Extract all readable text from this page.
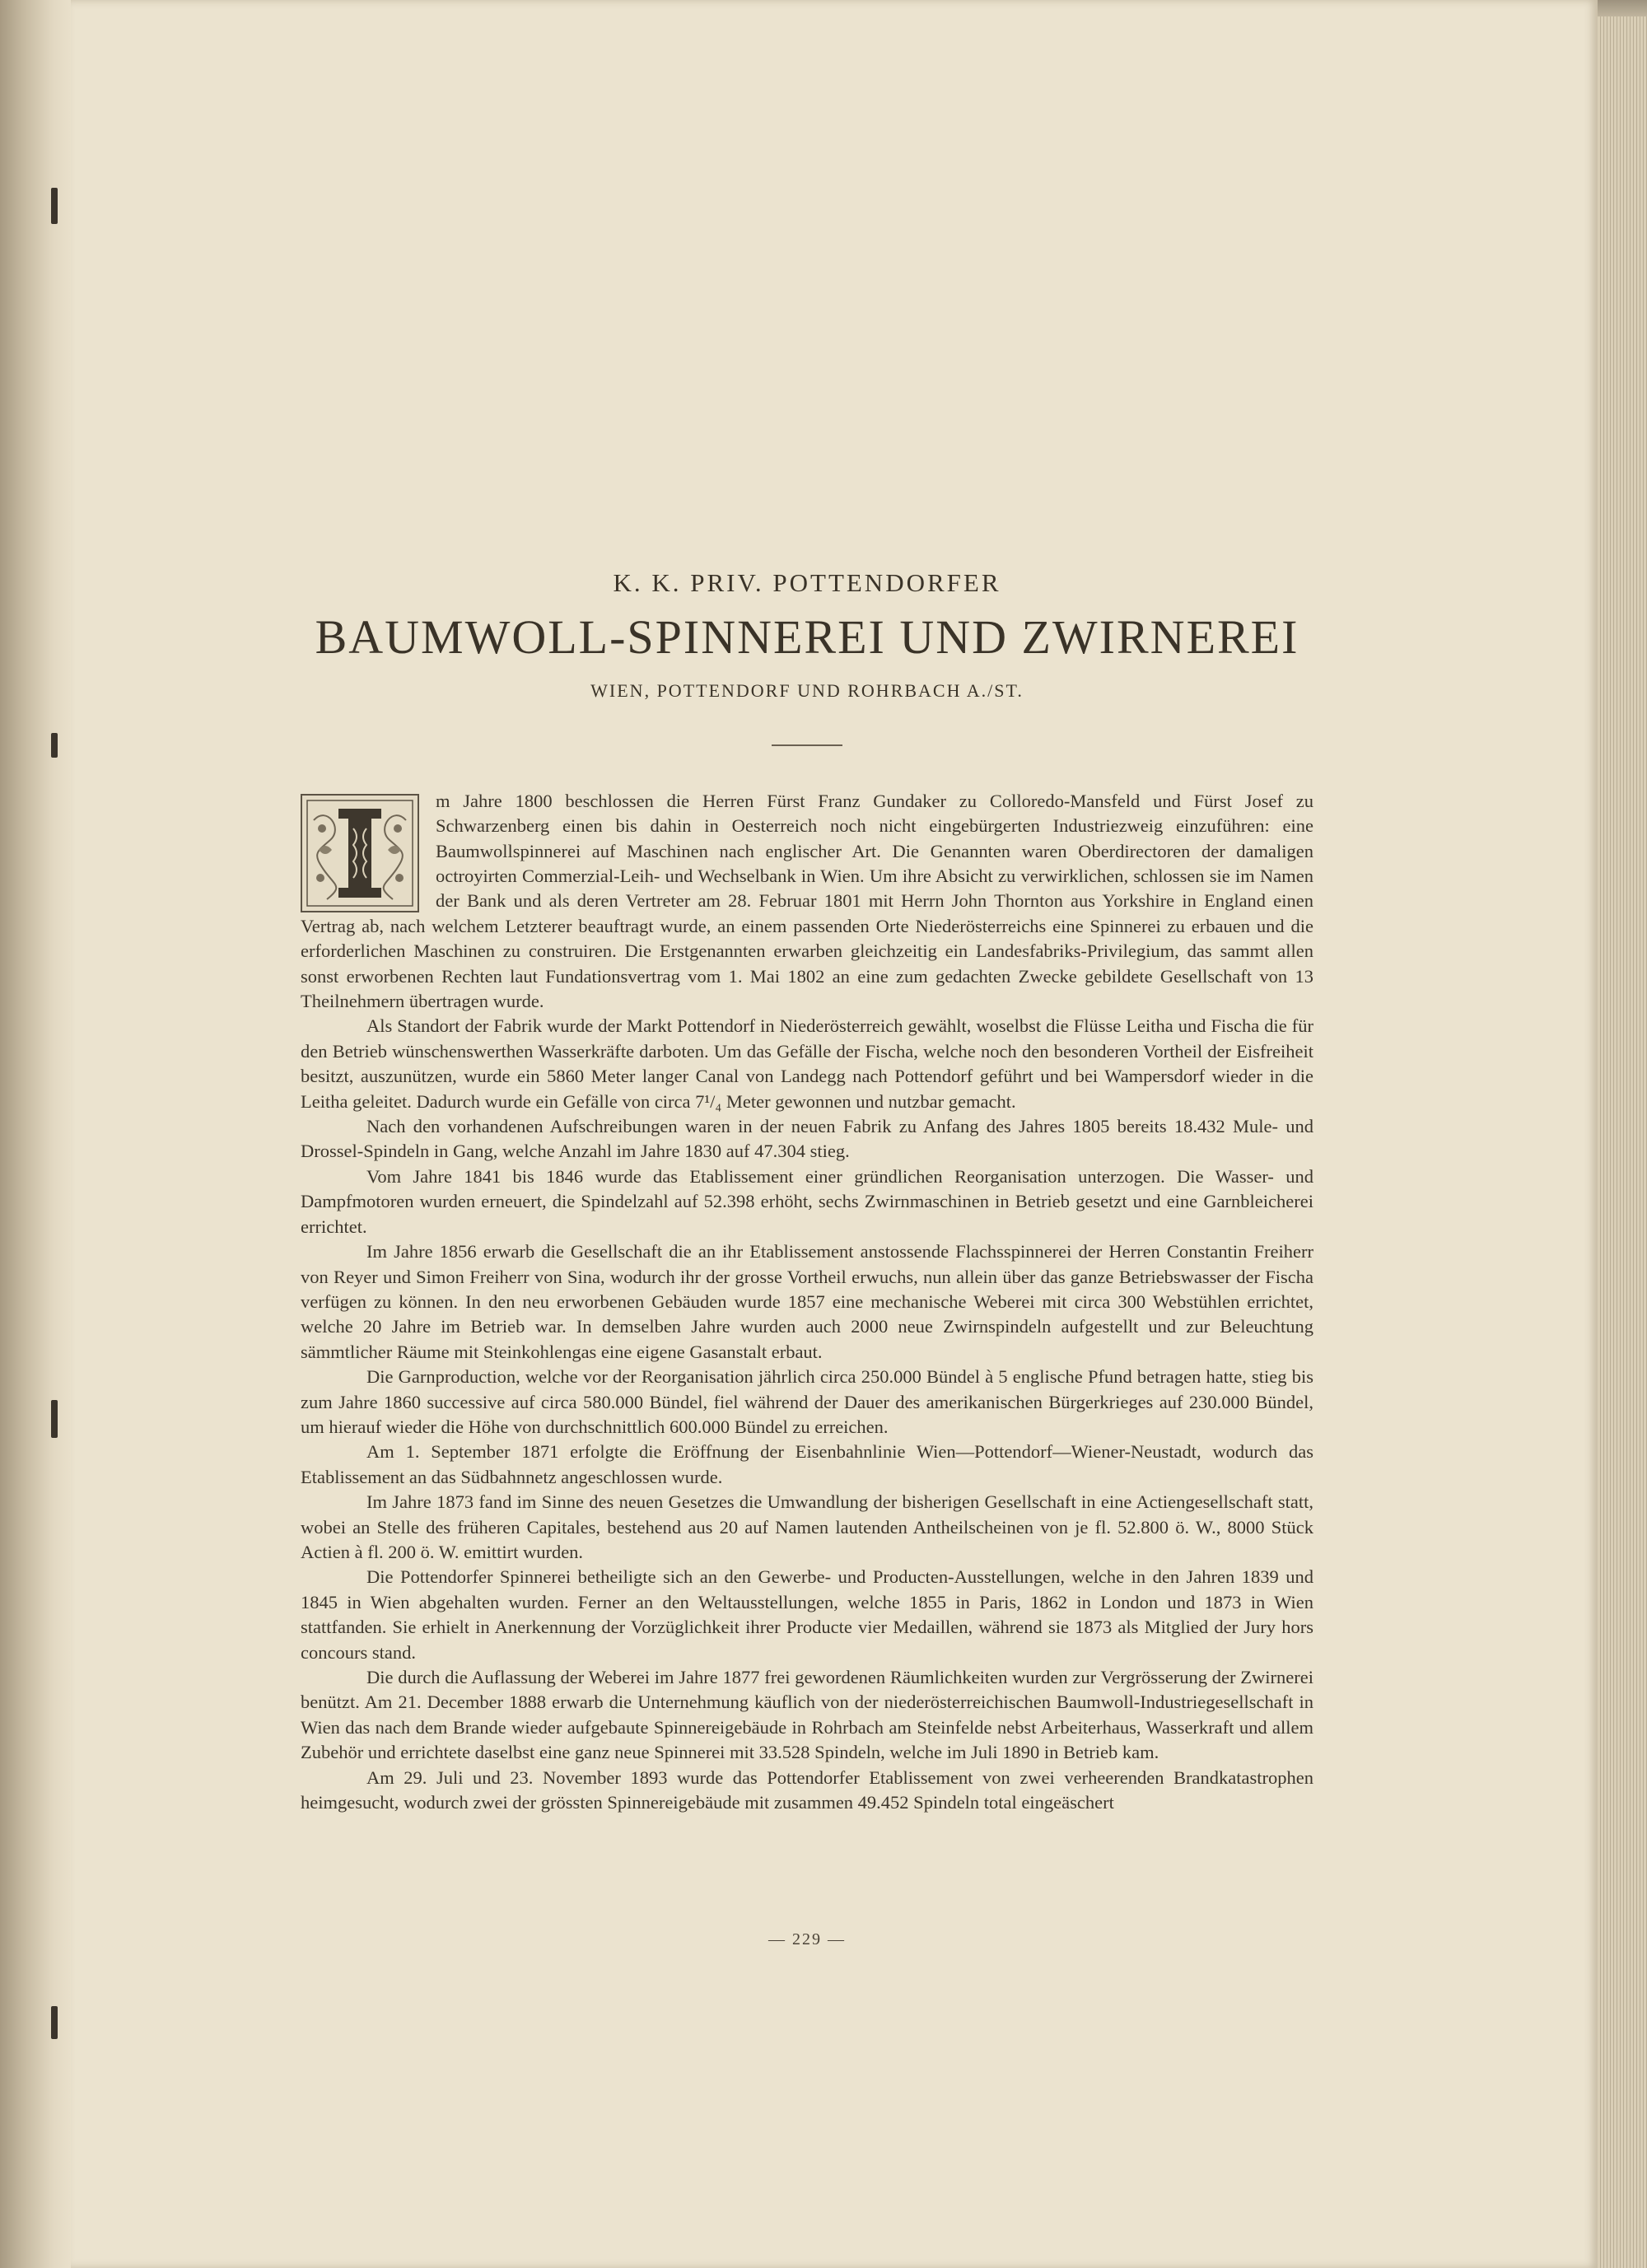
K. K. PRIV. POTTENDORFER

BAUMWOLL-SPINNEREI UND ZWIRNEREI

WIEN, POTTENDORF UND ROHRBACH A./ST.

m Jahre 1800 beschlossen die Herren Fürst Franz Gundaker zu Colloredo-Mansfeld und Fürst Josef zu Schwarzenberg einen bis dahin in Oesterreich noch nicht eingebürgerten Industriezweig einzuführen: eine Baumwollspinnerei auf Maschinen nach englischer Art. Die Genannten waren Oberdirectoren der damaligen octroyirten Commerzial-Leih- und Wechselbank in Wien. Um ihre Absicht zu verwirklichen, schlossen sie im Namen der Bank und als deren Vertreter am 28. Februar 1801 mit Herrn John Thornton aus Yorkshire in England einen Vertrag ab, nach welchem Letzterer beauftragt wurde, an einem passenden Orte Niederösterreichs eine Spinnerei zu erbauen und die erforderlichen Maschinen zu construiren. Die Erstgenannten erwarben gleichzeitig ein Landesfabriks-Privilegium, das sammt allen sonst erworbenen Rechten laut Fundationsvertrag vom 1. Mai 1802 an eine zum gedachten Zwecke gebildete Gesellschaft von 13 Theilnehmern übertragen wurde.

Als Standort der Fabrik wurde der Markt Pottendorf in Niederösterreich gewählt, woselbst die Flüsse Leitha und Fischa die für den Betrieb wünschenswerthen Wasserkräfte darboten. Um das Gefälle der Fischa, welche noch den besonderen Vortheil der Eisfreiheit besitzt, auszunützen, wurde ein 5860 Meter langer Canal von Landegg nach Pottendorf geführt und bei Wampersdorf wieder in die Leitha geleitet. Dadurch wurde ein Gefälle von circa 7¹/₄ Meter gewonnen und nutzbar gemacht.

Nach den vorhandenen Aufschreibungen waren in der neuen Fabrik zu Anfang des Jahres 1805 bereits 18.432 Mule- und Drossel-Spindeln in Gang, welche Anzahl im Jahre 1830 auf 47.304 stieg.

Vom Jahre 1841 bis 1846 wurde das Etablissement einer gründlichen Reorganisation unterzogen. Die Wasser- und Dampfmotoren wurden erneuert, die Spindelzahl auf 52.398 erhöht, sechs Zwirnmaschinen in Betrieb gesetzt und eine Garnbleicherei errichtet.

Im Jahre 1856 erwarb die Gesellschaft die an ihr Etablissement anstossende Flachsspinnerei der Herren Constantin Freiherr von Reyer und Simon Freiherr von Sina, wodurch ihr der grosse Vortheil erwuchs, nun allein über das ganze Betriebswasser der Fischa verfügen zu können. In den neu erworbenen Gebäuden wurde 1857 eine mechanische Weberei mit circa 300 Webstühlen errichtet, welche 20 Jahre im Betrieb war. In demselben Jahre wurden auch 2000 neue Zwirnspindeln aufgestellt und zur Beleuchtung sämmtlicher Räume mit Steinkohlengas eine eigene Gasanstalt erbaut.

Die Garnproduction, welche vor der Reorganisation jährlich circa 250.000 Bündel à 5 englische Pfund betragen hatte, stieg bis zum Jahre 1860 successive auf circa 580.000 Bündel, fiel während der Dauer des amerikanischen Bürgerkrieges auf 230.000 Bündel, um hierauf wieder die Höhe von durchschnittlich 600.000 Bündel zu erreichen.

Am 1. September 1871 erfolgte die Eröffnung der Eisenbahnlinie Wien—Pottendorf—Wiener-Neustadt, wodurch das Etablissement an das Südbahnnetz angeschlossen wurde.

Im Jahre 1873 fand im Sinne des neuen Gesetzes die Umwandlung der bisherigen Gesellschaft in eine Actiengesellschaft statt, wobei an Stelle des früheren Capitales, bestehend aus 20 auf Namen lautenden Antheilscheinen von je fl. 52.800 ö. W., 8000 Stück Actien à fl. 200 ö. W. emittirt wurden.

Die Pottendorfer Spinnerei betheiligte sich an den Gewerbe- und Producten-Ausstellungen, welche in den Jahren 1839 und 1845 in Wien abgehalten wurden. Ferner an den Weltausstellungen, welche 1855 in Paris, 1862 in London und 1873 in Wien stattfanden. Sie erhielt in Anerkennung der Vorzüglichkeit ihrer Producte vier Medaillen, während sie 1873 als Mitglied der Jury hors concours stand.

Die durch die Auflassung der Weberei im Jahre 1877 frei gewordenen Räumlichkeiten wurden zur Vergrösserung der Zwirnerei benützt. Am 21. December 1888 erwarb die Unternehmung käuflich von der niederösterreichischen Baumwoll-Industriegesellschaft in Wien das nach dem Brande wieder aufgebaute Spinnereigebäude in Rohrbach am Steinfelde nebst Arbeiterhaus, Wasserkraft und allem Zubehör und errichtete daselbst eine ganz neue Spinnerei mit 33.528 Spindeln, welche im Juli 1890 in Betrieb kam.

Am 29. Juli und 23. November 1893 wurde das Pottendorfer Etablissement von zwei verheerenden Brandkatastrophen heimgesucht, wodurch zwei der grössten Spinnereigebäude mit zusammen 49.452 Spindeln total eingeäschert

— 229 —
